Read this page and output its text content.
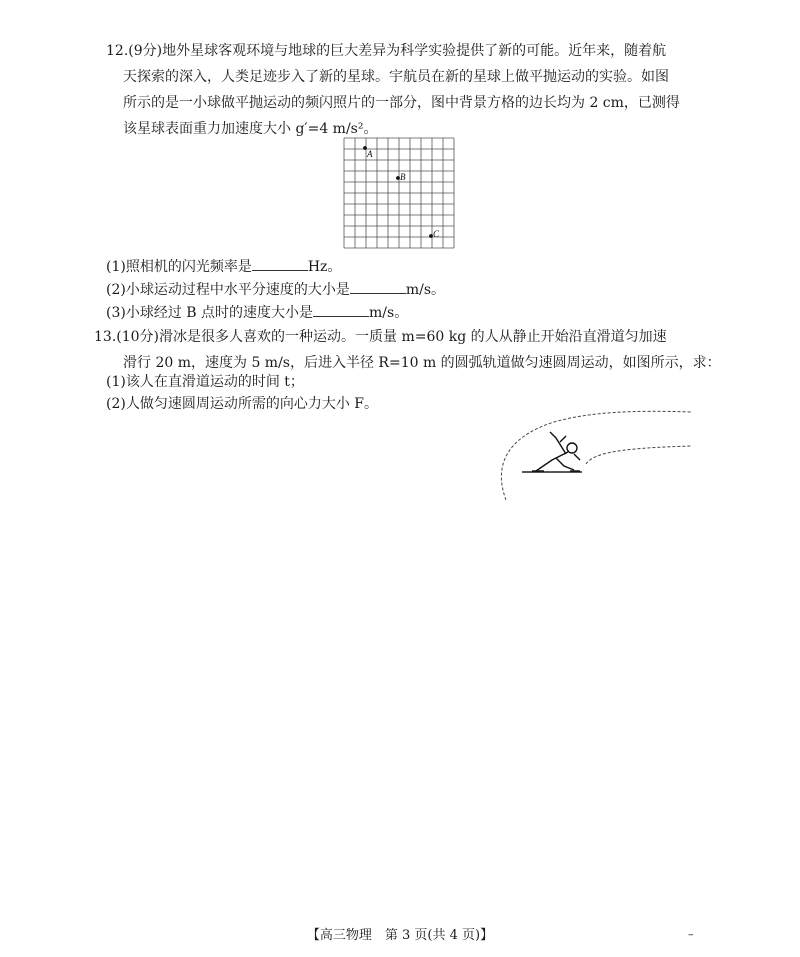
12.(9分)地外星球客观环境与地球的巨大差异为科学实验提供了新的可能。近年来，随着航
天探索的深入，人类足迹步入了新的星球。宇航员在新的星球上做平抛运动的实验。如图
所示的是一小球做平抛运动的频闪照片的一部分，图中背景方格的边长均为 2 cm，已测得
该星球表面重力加速度大小 g′=4 m/s²。
A
B
C
(1)照相机的闪光频率是	Hz。
(2)小球运动过程中水平分速度的大小是	m/s。
(3)小球经过 B 点时的速度大小是	m/s。
13.(10分)滑冰是很多人喜欢的一种运动。一质量 m=60 kg 的人从静止开始沿直滑道匀加速
滑行 20 m，速度为 5 m/s，后进入半径 R=10 m 的圆弧轨道做匀速圆周运动，如图所示，求：
(1)该人在直滑道运动的时间 t；
(2)人做匀速圆周运动所需的向心力大小 F。
【高三物理　第 3 页(共 4 页)】	–
